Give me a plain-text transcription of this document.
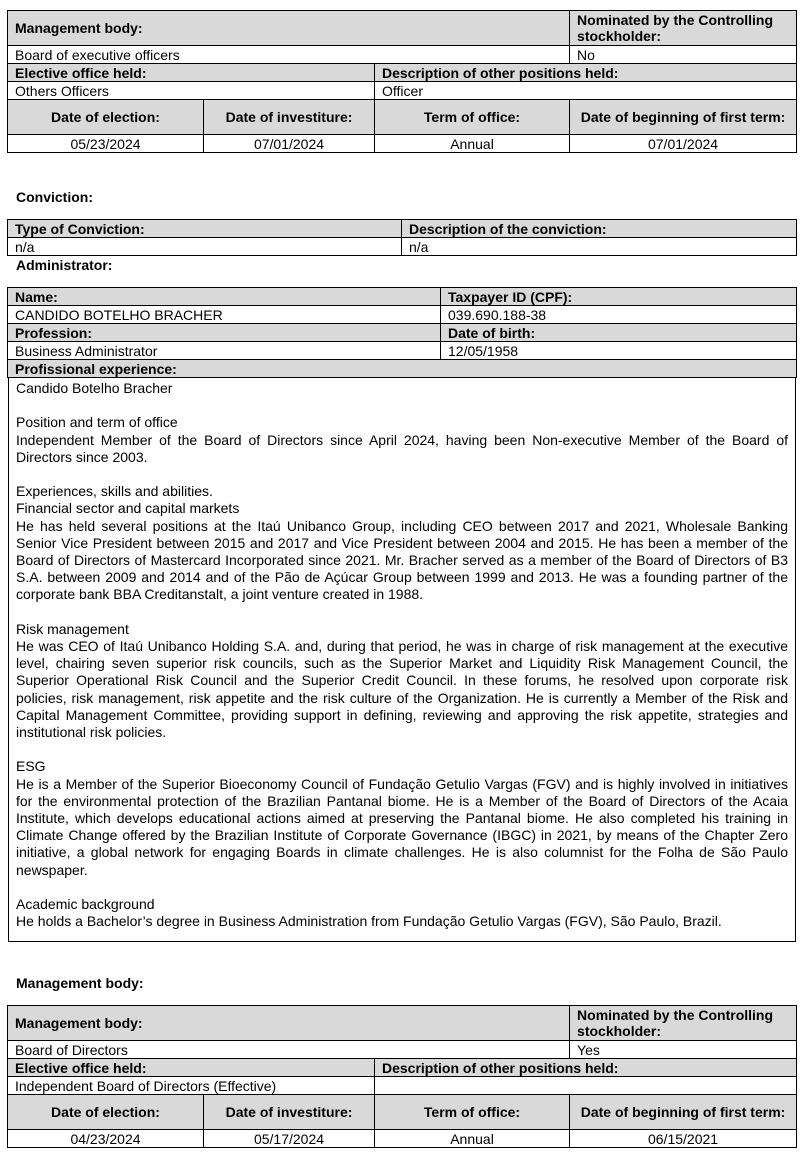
Management body:			Nominated by the Controlling stockholder:
Board of executive officers			No
Elective office held:		Description of other positions held:	
Others Officers		Officer	
Date of election:	Date of investiture:	Term of office:	Date of beginning of first term:
05/23/2024	07/01/2024	Annual	07/01/2024
Conviction:
Type of Conviction:	Description of the conviction:
n/a	n/a
Administrator:
Name:	Taxpayer ID (CPF):
CANDIDO BOTELHO BRACHER	039.690.188-38
Profession:	Date of birth:
Business Administrator	12/05/1958
Profissional experience:	

Candido Botelho Bracher

Position and term of office

Independent Member of the Board of Directors since April 2024, having been Non-executive Member of the Board of Directors since 2003.

Experiences, skills and abilities.

Financial sector and capital markets

He has held several positions at the Itaú Unibanco Group, including CEO between 2017 and 2021, Wholesale Banking Senior Vice President between 2015 and 2017 and Vice President between 2004 and 2015. He has been a member of the Board of Directors of Mastercard Incorporated since 2021. Mr. Bracher served as a member of the Board of Directors of B3 S.A. between 2009 and 2014 and of the Pão de Açúcar Group between 1999 and 2013. He was a founding partner of the corporate bank BBA Creditanstalt, a joint venture created in 1988.

Risk management

He was CEO of Itaú Unibanco Holding S.A. and, during that period, he was in charge of risk management at the executive level, chairing seven superior risk councils, such as the Superior Market and Liquidity Risk Management Council, the Superior Operational Risk Council and the Superior Credit Council. In these forums, he resolved upon corporate risk policies, risk management, risk appetite and the risk culture of the Organization. He is currently a Member of the Risk and Capital Management Committee, providing support in defining, reviewing and approving the risk appetite, strategies and institutional risk policies.

ESG

He is a Member of the Superior Bioeconomy Council of Fundação Getulio Vargas (FGV) and is highly involved in initiatives for the environmental protection of the Brazilian Pantanal biome. He is a Member of the Board of Directors of the Acaia Institute, which develops educational actions aimed at preserving the Pantanal biome. He also completed his training in Climate Change offered by the Brazilian Institute of Corporate Governance (IBGC) in 2021, by means of the Chapter Zero initiative, a global network for engaging Boards in climate challenges. He is also columnist for the Folha de São Paulo newspaper.

Academic background

He holds a Bachelor’s degree in Business Administration from Fundação Getulio Vargas (FGV), São Paulo, Brazil.

Management body:
Management body:			Nominated by the Controlling stockholder:
Board of Directors			Yes
Elective office held:		Description of other positions held:	
Independent Board of Directors (Effective)			
Date of election:	Date of investiture:	Term of office:	Date of beginning of first term:
04/23/2024	05/17/2024	Annual	06/15/2021
